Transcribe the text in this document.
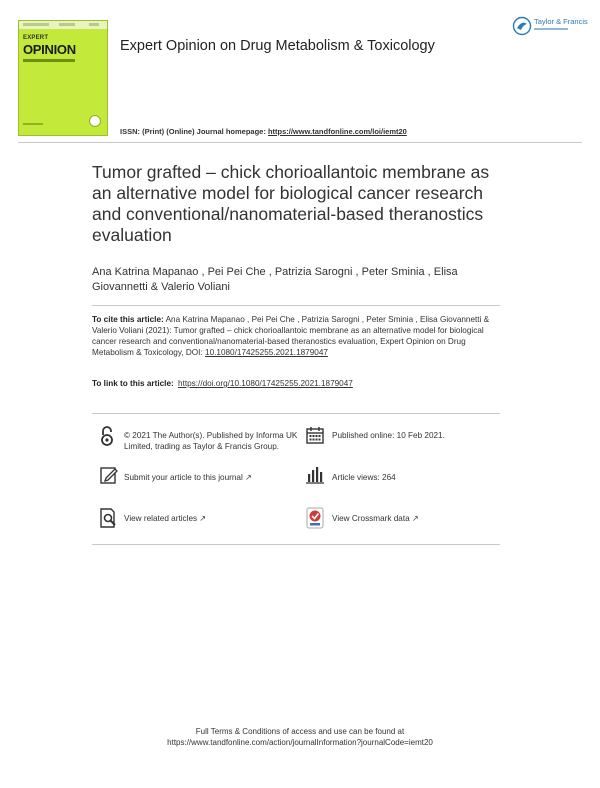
EXPERT
OPINION	Expert Opinion on Drug Metabolism & Toxicology
Taylor & Francis
ISSN: (Print) (Online) Journal homepage: https://www.tandfonline.com/loi/iemt20
Tumor grafted – chick chorioallantoic membrane as an alternative model for biological cancer research and conventional/nanomaterial-based theranostics evaluation
Ana Katrina Mapanao , Pei Pei Che , Patrizia Sarogni , Peter Sminia , Elisa Giovannetti & Valerio Voliani
To cite this article: Ana Katrina Mapanao , Pei Pei Che , Patrizia Sarogni , Peter Sminia , Elisa Giovannetti & Valerio Voliani (2021): Tumor grafted – chick chorioallantoic membrane as an alternative model for biological cancer research and conventional/nanomaterial-based theranostics evaluation, Expert Opinion on Drug Metabolism & Toxicology, DOI: 10.1080/17425255.2021.1879047
To link to this article: https://doi.org/10.1080/17425255.2021.1879047
© 2021 The Author(s). Published by Informa UK Limited, trading as Taylor & Francis Group.
Published online: 10 Feb 2021.
Submit your article to this journal ↗	Article views: 264
View related articles ↗	View Crossmark data ↗
Full Terms & Conditions of access and use can be found at
https://www.tandfonline.com/action/journalInformation?journalCode=iemt20
